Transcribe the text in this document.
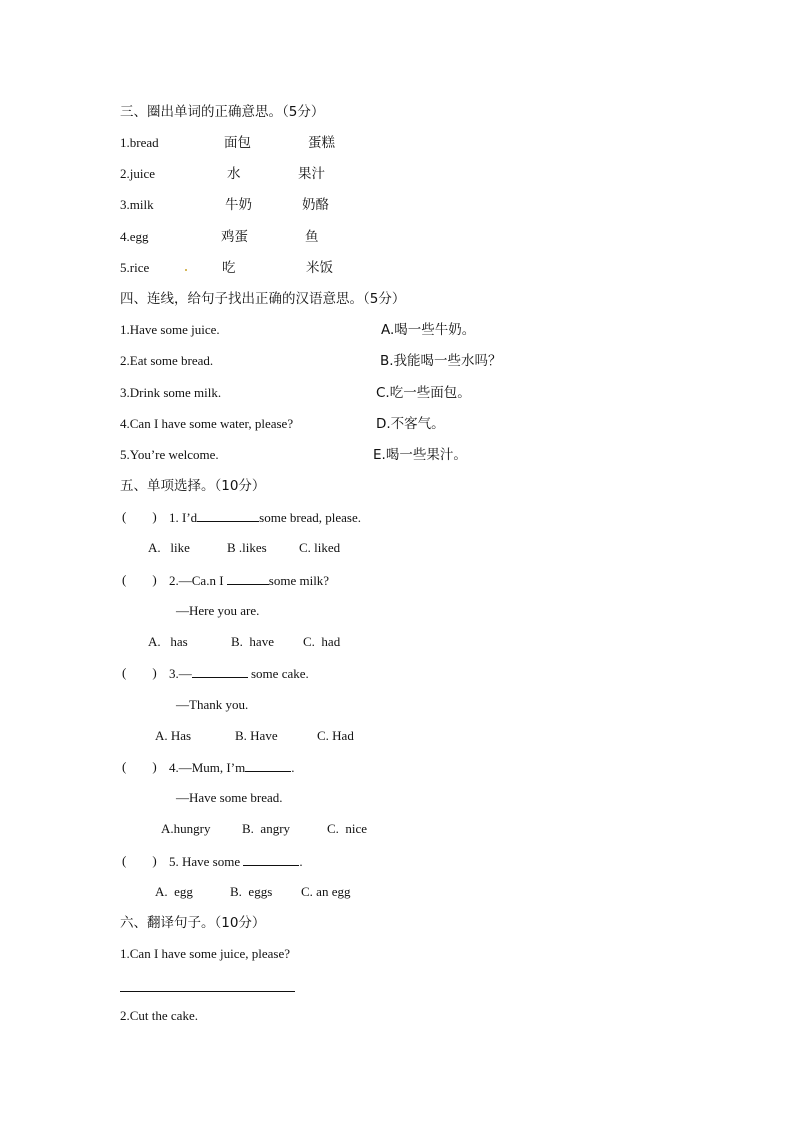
三、圈出单词的正确意思。（5分）
1.bread	面包	蛋糕
2.juice	水	果汁
3.milk	牛奶	奶酪
4.egg	鸡蛋	鱼
5.rice	吃	米饭
四、连线，给句子找出正确的汉语意思。（5分）
1.Have some juice.	A.喝一些牛奶。
2.Eat some bread.	B.我能喝一些水吗？
3.Drink some milk.	C.吃一些面包。
4.Can I have some water, please?	D.不客气。
5.You’re welcome.	E.喝一些果汁。
五、单项选择。（10分）
(        ) 1. I’d	some bread, please.
A.   like	B .likes C. liked
(        ) 2.—Ca.n I	some milk?
—Here you are.
A.   has	B.  have C.  had
(        ) 3.—	some cake.
—Thank you.
A. Has	B. Have	C. Had
(        ) 4.—Mum, I’m	.
—Have some bread.
A.hungry B.  angry	C.  nice
(        ) 5. Have some	.
A.  egg	B.  eggs C. an egg
六、翻译句子。（10分）
1.Can I have some juice, please?
2.Cut the cake.
